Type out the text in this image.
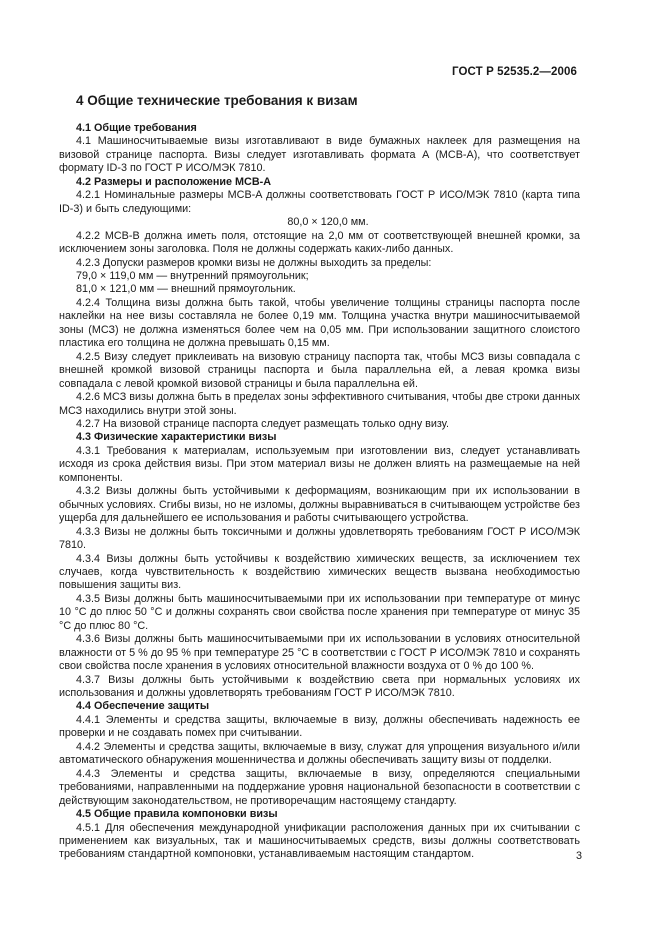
ГОСТ Р 52535.2—2006
4 Общие технические требования к визам
4.1 Общие требования

4.1 Машиносчитываемые визы изготавливают в виде бумажных наклеек для размещения на визовой странице паспорта. Визы следует изготавливать формата A (MCB-A), что соответствует формату ID-3 по ГОСТ Р ИСО/МЭК 7810.

4.2 Размеры и расположение MCB-A

4.2.1 Номинальные размеры MCB-A должны соответствовать ГОСТ Р ИСО/МЭК 7810 (карта типа ID-3) и быть следующими:

80,0 × 120,0 мм.

4.2.2 MCB-B должна иметь поля, отстоящие на 2,0 мм от соответствующей внешней кромки, за исключением зоны заголовка. Поля не должны содержать каких-либо данных.

4.2.3 Допуски размеров кромки визы не должны выходить за пределы:

79,0 × 119,0 мм — внутренний прямоугольник;

81,0 × 121,0 мм — внешний прямоугольник.

4.2.4 Толщина визы должна быть такой, чтобы увеличение толщины страницы паспорта после наклейки на нее визы составляла не более 0,19 мм. Толщина участка внутри машиносчитываемой зоны (МСЗ) не должна изменяться более чем на 0,05 мм. При использовании защитного слоистого пластика его толщина не должна превышать 0,15 мм.

4.2.5 Визу следует приклеивать на визовую страницу паспорта так, чтобы МСЗ визы совпадала с внешней кромкой визовой страницы паспорта и была параллельна ей, а левая кромка визы совпадала с левой кромкой визовой страницы и была параллельна ей.

4.2.6 МСЗ визы должна быть в пределах зоны эффективного считывания, чтобы две строки данных МСЗ находились внутри этой зоны.

4.2.7 На визовой странице паспорта следует размещать только одну визу.

4.3 Физические характеристики визы

4.3.1 Требования к материалам, используемым при изготовлении виз, следует устанавливать исходя из срока действия визы. При этом материал визы не должен влиять на размещаемые на ней компоненты.

4.3.2 Визы должны быть устойчивыми к деформациям, возникающим при их использовании в обычных условиях. Сгибы визы, но не изломы, должны выравниваться в считывающем устройстве без ущерба для дальнейшего ее использования и работы считывающего устройства.

4.3.3 Визы не должны быть токсичными и должны удовлетворять требованиям ГОСТ Р ИСО/МЭК 7810.

4.3.4 Визы должны быть устойчивы к воздействию химических веществ, за исключением тех случаев, когда чувствительность к воздействию химических веществ вызвана необходимостью повышения защиты виз.

4.3.5 Визы должны быть машиносчитываемыми при их использовании при температуре от минус 10 °С до плюс 50 °С и должны сохранять свои свойства после хранения при температуре от минус 35 °С до плюс 80 °С.

4.3.6 Визы должны быть машиносчитываемыми при их использовании в условиях относительной влажности от 5 % до 95 % при температуре 25 °С в соответствии с ГОСТ Р ИСО/МЭК 7810 и сохранять свои свойства после хранения в условиях относительной влажности воздуха от 0 % до 100 %.

4.3.7 Визы должны быть устойчивыми к воздействию света при нормальных условиях их использования и должны удовлетворять требованиям ГОСТ Р ИСО/МЭК 7810.

4.4 Обеспечение защиты

4.4.1 Элементы и средства защиты, включаемые в визу, должны обеспечивать надежность ее проверки и не создавать помех при считывании.

4.4.2 Элементы и средства защиты, включаемые в визу, служат для упрощения визуального и/или автоматического обнаружения мошенничества и должны обеспечивать защиту визы от подделки.

4.4.3 Элементы и средства защиты, включаемые в визу, определяются специальными требованиями, направленными на поддержание уровня национальной безопасности в соответствии с действующим законодательством, не противоречащим настоящему стандарту.

4.5 Общие правила компоновки визы

4.5.1 Для обеспечения международной унификации расположения данных при их считывании с применением как визуальных, так и машиносчитываемых средств, визы должны соответствовать требованиям стандартной компоновки, устанавливаемым настоящим стандартом.	3
